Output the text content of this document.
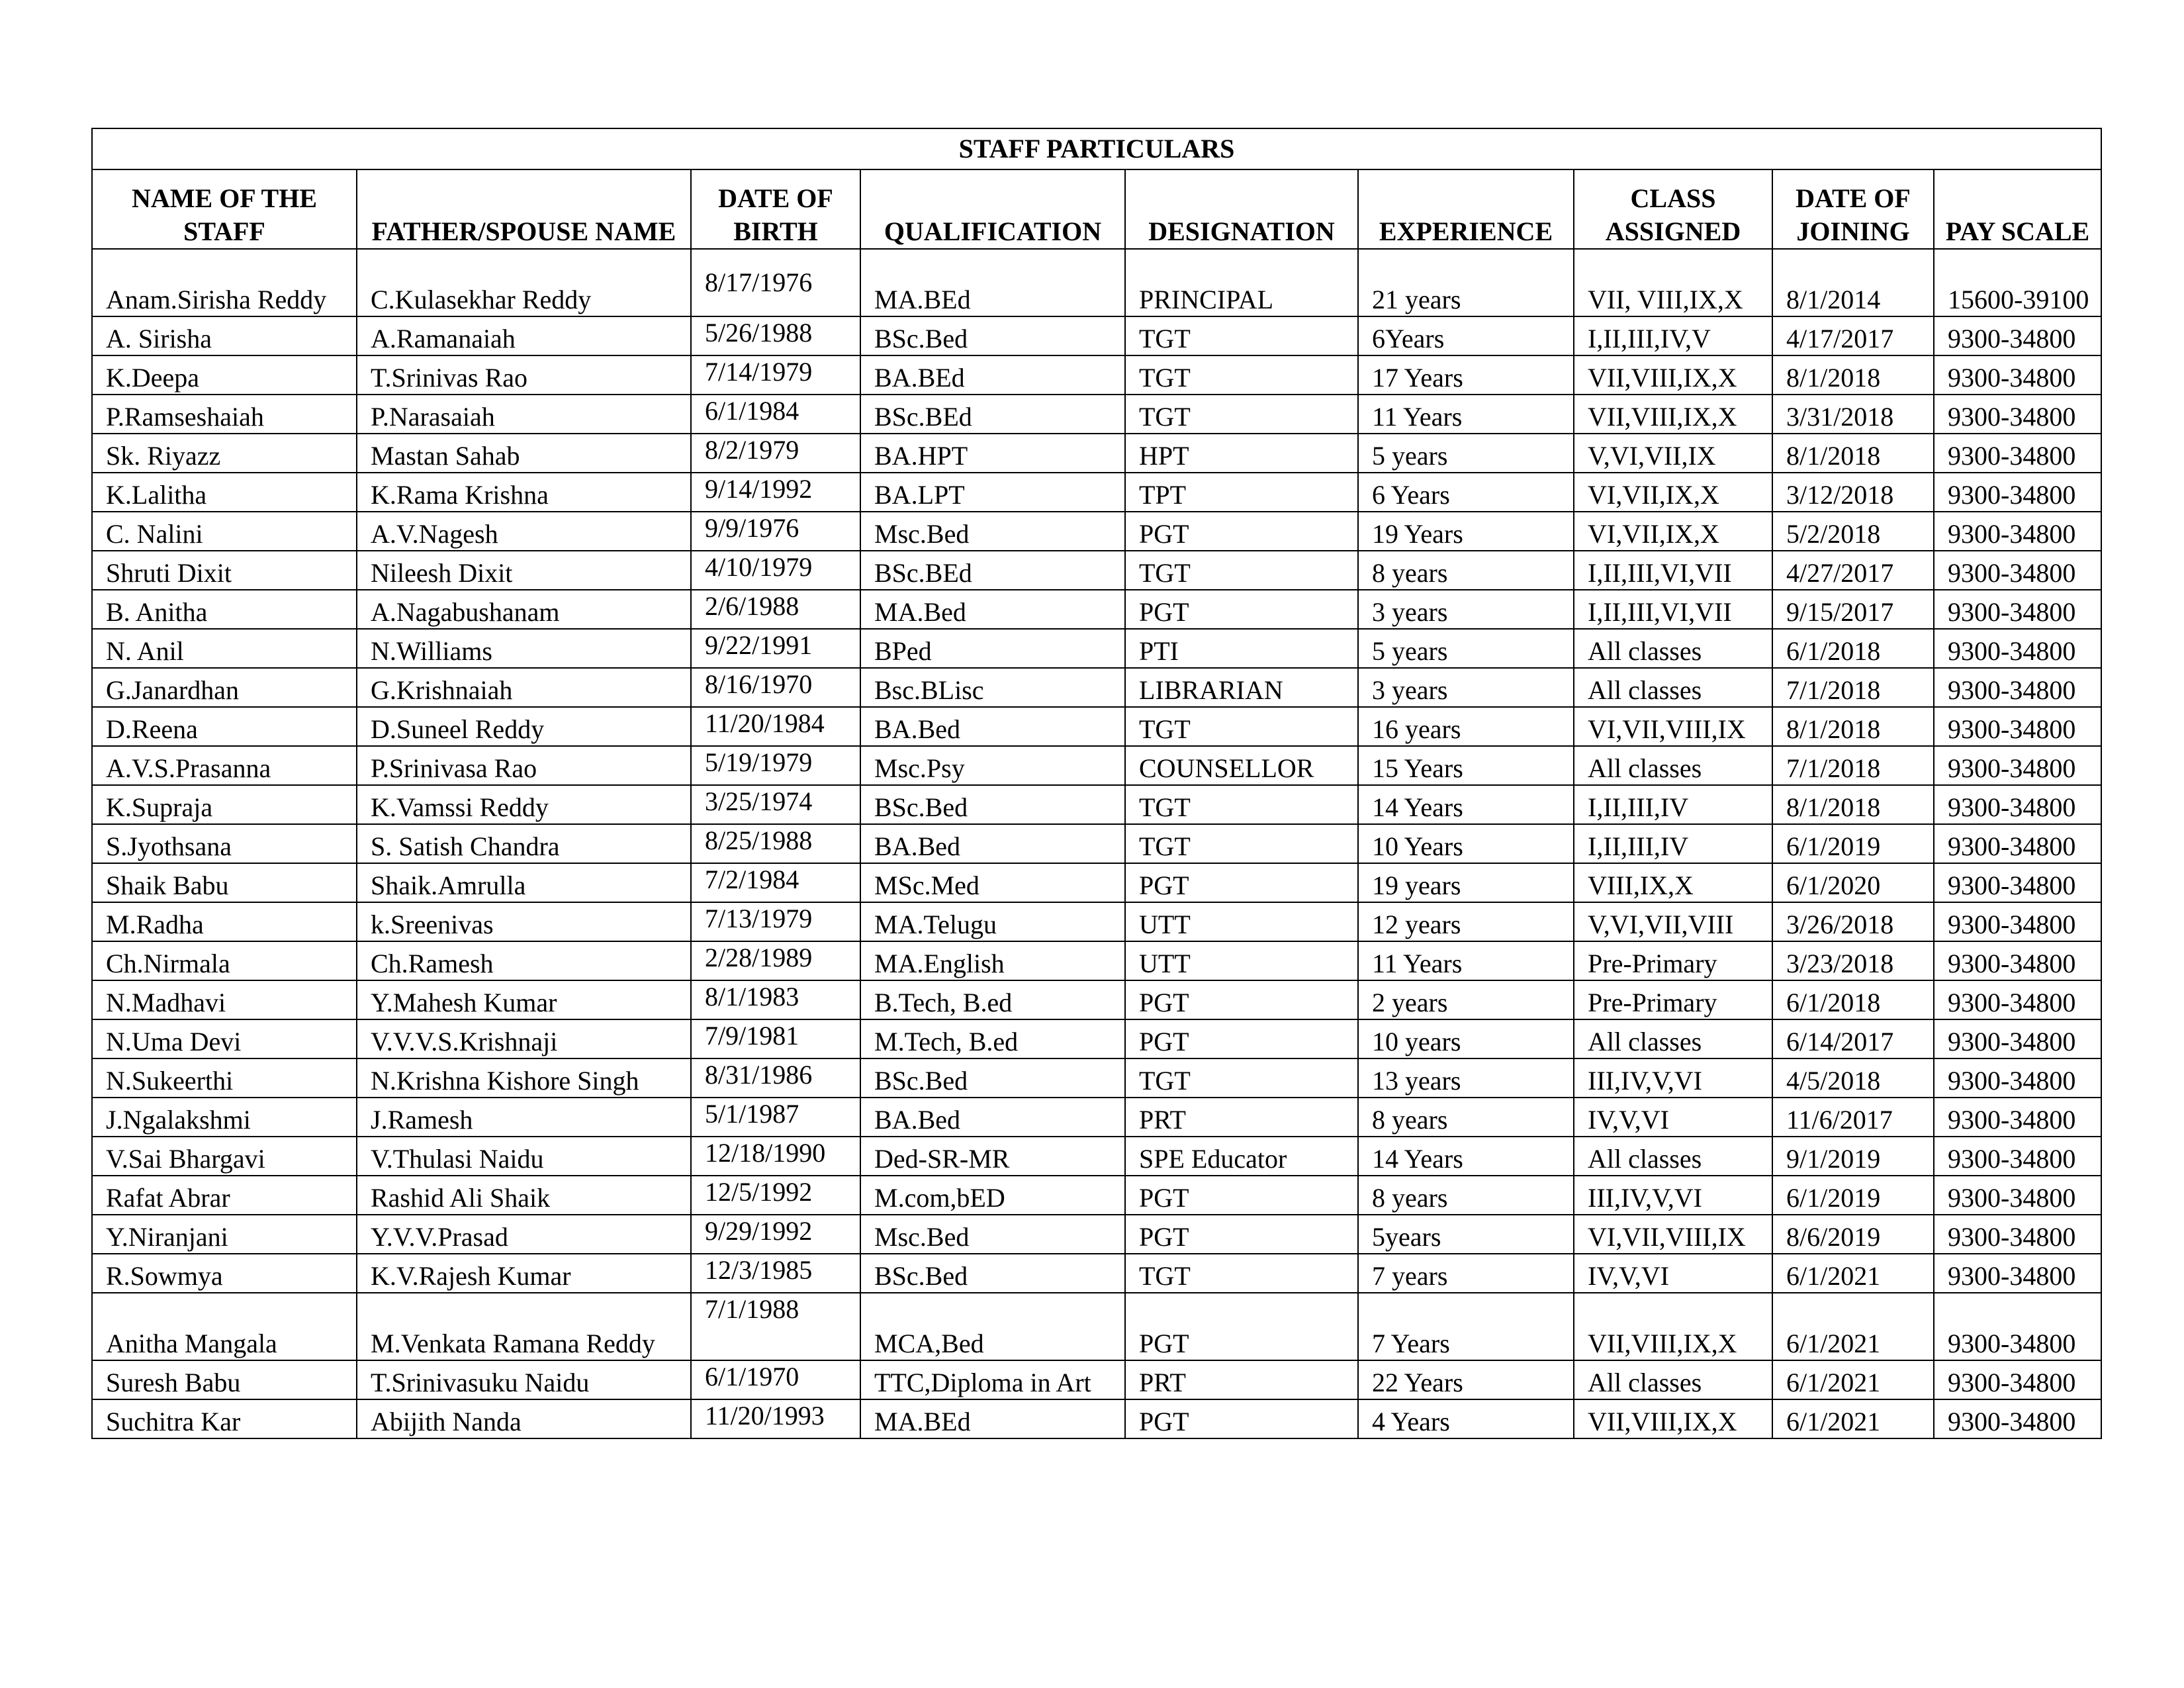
STAFF PARTICULARS								
NAME OF THE STAFF	FATHER/SPOUSE NAME	DATE OF BIRTH	QUALIFICATION	DESIGNATION	EXPERIENCE	CLASS ASSIGNED	DATE OF JOINING	PAY SCALE
Anam.Sirisha Reddy	C.Kulasekhar Reddy	8/17/1976	MA.BEd	PRINCIPAL	21 years	VII, VIII,IX,X	8/1/2014	15600-39100
A. Sirisha	A.Ramanaiah	5/26/1988	BSc.Bed	TGT	6Years	I,II,III,IV,V	4/17/2017	9300-34800
K.Deepa	T.Srinivas Rao	7/14/1979	BA.BEd	TGT	17 Years	VII,VIII,IX,X	8/1/2018	9300-34800
P.Ramseshaiah	P.Narasaiah	6/1/1984	BSc.BEd	TGT	11 Years	VII,VIII,IX,X	3/31/2018	9300-34800
Sk. Riyazz	Mastan Sahab	8/2/1979	BA.HPT	HPT	5 years	V,VI,VII,IX	8/1/2018	9300-34800
K.Lalitha	K.Rama Krishna	9/14/1992	BA.LPT	TPT	6 Years	VI,VII,IX,X	3/12/2018	9300-34800
C. Nalini	A.V.Nagesh	9/9/1976	Msc.Bed	PGT	19 Years	VI,VII,IX,X	5/2/2018	9300-34800
Shruti Dixit	Nileesh Dixit	4/10/1979	BSc.BEd	TGT	8 years	I,II,III,VI,VII	4/27/2017	9300-34800
B. Anitha	A.Nagabushanam	2/6/1988	MA.Bed	PGT	3 years	I,II,III,VI,VII	9/15/2017	9300-34800
N. Anil	N.Williams	9/22/1991	BPed	PTI	5 years	All classes	6/1/2018	9300-34800
G.Janardhan	G.Krishnaiah	8/16/1970	Bsc.BLisc	LIBRARIAN	3 years	All classes	7/1/2018	9300-34800
D.Reena	D.Suneel Reddy	11/20/1984	BA.Bed	TGT	16 years	VI,VII,VIII,IX	8/1/2018	9300-34800
A.V.S.Prasanna	P.Srinivasa Rao	5/19/1979	Msc.Psy	COUNSELLOR	15 Years	All classes	7/1/2018	9300-34800
K.Supraja	K.Vamssi Reddy	3/25/1974	BSc.Bed	TGT	14 Years	I,II,III,IV	8/1/2018	9300-34800
S.Jyothsana	S. Satish Chandra	8/25/1988	BA.Bed	TGT	10 Years	I,II,III,IV	6/1/2019	9300-34800
Shaik Babu	Shaik.Amrulla	7/2/1984	MSc.Med	PGT	19 years	VIII,IX,X	6/1/2020	9300-34800
M.Radha	k.Sreenivas	7/13/1979	MA.Telugu	UTT	12 years	V,VI,VII,VIII	3/26/2018	9300-34800
Ch.Nirmala	Ch.Ramesh	2/28/1989	MA.English	UTT	11 Years	Pre-Primary	3/23/2018	9300-34800
N.Madhavi	Y.Mahesh Kumar	8/1/1983	B.Tech, B.ed	PGT	2 years	Pre-Primary	6/1/2018	9300-34800
N.Uma Devi	V.V.V.S.Krishnaji	7/9/1981	M.Tech, B.ed	PGT	10 years	All classes	6/14/2017	9300-34800
N.Sukeerthi	N.Krishna Kishore Singh	8/31/1986	BSc.Bed	TGT	13 years	III,IV,V,VI	4/5/2018	9300-34800
J.Ngalakshmi	J.Ramesh	5/1/1987	BA.Bed	PRT	8 years	IV,V,VI	11/6/2017	9300-34800
V.Sai Bhargavi	V.Thulasi Naidu	12/18/1990	Ded-SR-MR	SPE Educator	14 Years	All classes	9/1/2019	9300-34800
Rafat Abrar	Rashid Ali Shaik	12/5/1992	M.com,bED	PGT	8 years	III,IV,V,VI	6/1/2019	9300-34800
Y.Niranjani	Y.V.V.Prasad	9/29/1992	Msc.Bed	PGT	5years	VI,VII,VIII,IX	8/6/2019	9300-34800
R.Sowmya	K.V.Rajesh Kumar	12/3/1985	BSc.Bed	TGT	7 years	IV,V,VI	6/1/2021	9300-34800
Anitha Mangala	M.Venkata Ramana Reddy	7/1/1988	MCA,Bed	PGT	7 Years	VII,VIII,IX,X	6/1/2021	9300-34800
Suresh Babu	T.Srinivasuku Naidu	6/1/1970	TTC,Diploma in Art	PRT	22 Years	All classes	6/1/2021	9300-34800
Suchitra Kar	Abijith Nanda	11/20/1993	MA.BEd	PGT	4 Years	VII,VIII,IX,X	6/1/2021	9300-34800
